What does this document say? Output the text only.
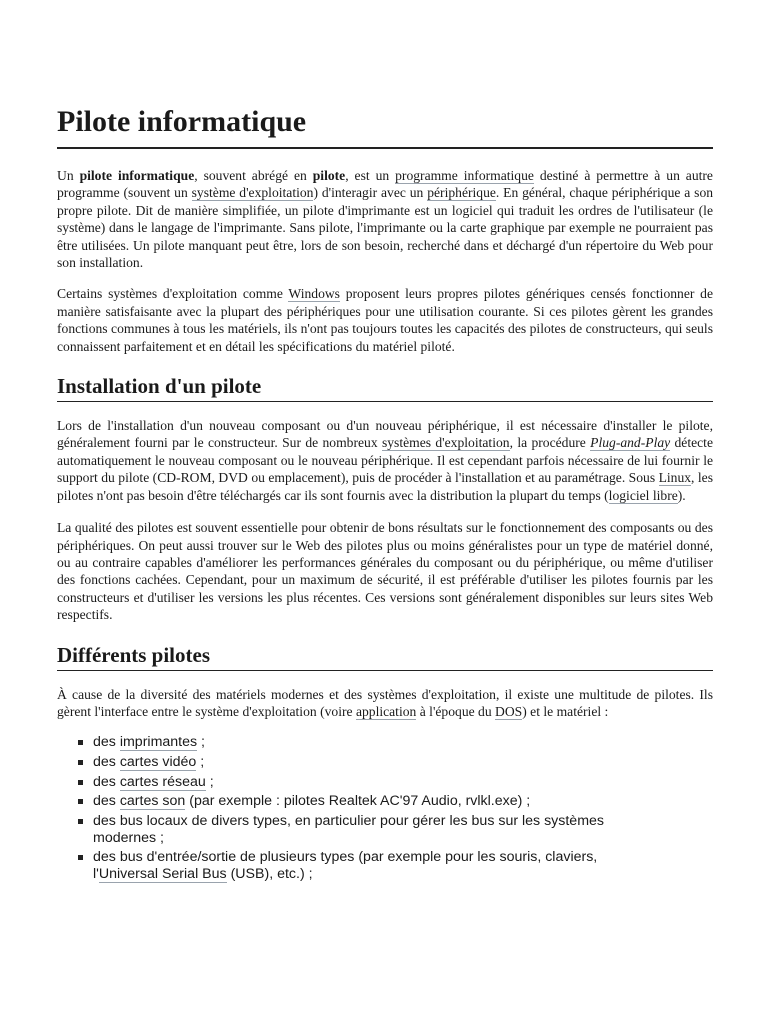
Pilote informatique

Un pilote informatique, souvent abrégé en pilote, est un programme informatique destiné à permettre à un autre programme (souvent un système d'exploitation) d'interagir avec un périphérique. En général, chaque périphérique a son propre pilote. Dit de manière simplifiée, un pilote d'imprimante est un logiciel qui traduit les ordres de l'utilisateur (le système) dans le langage de l'imprimante. Sans pilote, l'imprimante ou la carte graphique par exemple ne pourraient pas être utilisées. Un pilote manquant peut être, lors de son besoin, recherché dans et déchargé d'un répertoire du Web pour son installation.

Certains systèmes d'exploitation comme Windows proposent leurs propres pilotes génériques censés fonctionner de manière satisfaisante avec la plupart des périphériques pour une utilisation courante. Si ces pilotes gèrent les grandes fonctions communes à tous les matériels, ils n'ont pas toujours toutes les capacités des pilotes de constructeurs, qui seuls connaissent parfaitement et en détail les spécifications du matériel piloté.

Installation d'un pilote

Lors de l'installation d'un nouveau composant ou d'un nouveau périphérique, il est nécessaire d'installer le pilote, généralement fourni par le constructeur. Sur de nombreux systèmes d'exploitation, la procédure Plug-and-Play détecte automatiquement le nouveau composant ou le nouveau périphérique. Il est cependant parfois nécessaire de lui fournir le support du pilote (CD-ROM, DVD ou emplacement), puis de procéder à l'installation et au paramétrage. Sous Linux, les pilotes n'ont pas besoin d'être téléchargés car ils sont fournis avec la distribution la plupart du temps (logiciel libre).

La qualité des pilotes est souvent essentielle pour obtenir de bons résultats sur le fonctionnement des composants ou des périphériques. On peut aussi trouver sur le Web des pilotes plus ou moins généralistes pour un type de matériel donné, ou au contraire capables d'améliorer les performances générales du composant ou du périphérique, ou même d'utiliser des fonctions cachées. Cependant, pour un maximum de sécurité, il est préférable d'utiliser les pilotes fournis par les constructeurs et d'utiliser les versions les plus récentes. Ces versions sont généralement disponibles sur leurs sites Web respectifs.

Différents pilotes

À cause de la diversité des matériels modernes et des systèmes d'exploitation, il existe une multitude de pilotes. Ils gèrent l'interface entre le système d'exploitation (voire application à l'époque du DOS) et le matériel :

des imprimantes ;
des cartes vidéo ;
des cartes réseau ;
des cartes son (par exemple : pilotes Realtek AC'97 Audio, rvlkl.exe) ;
des bus locaux de divers types, en particulier pour gérer les bus sur les systèmes modernes ;
des bus d'entrée/sortie de plusieurs types (par exemple pour les souris, claviers, l'Universal Serial Bus (USB), etc.) ;
